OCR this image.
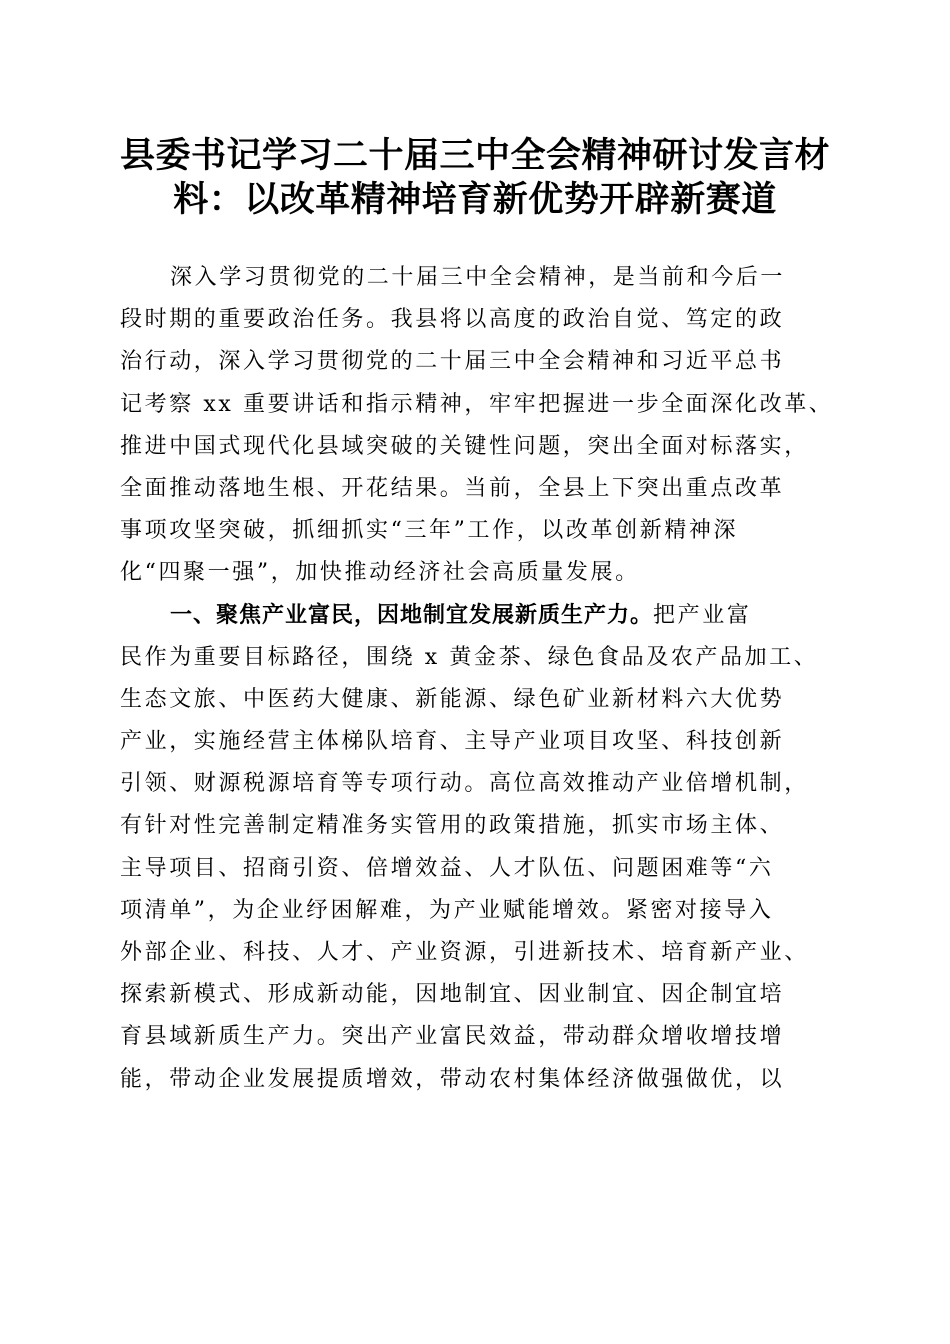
县委书记学习二十届三中全会精神研讨发言材
料：以改革精神培育新优势开辟新赛道
深入学习贯彻党的二十届三中全会精神，是当前和今后一
段时期的重要政治任务。我县将以高度的政治自觉、笃定的政
治行动，深入学习贯彻党的二十届三中全会精神和习近平总书
记考察 xx 重要讲话和指示精神，牢牢把握进一步全面深化改革、
推进中国式现代化县域突破的关键性问题，突出全面对标落实，
全面推动落地生根、开花结果。当前，全县上下突出重点改革
事项攻坚突破，抓细抓实“三年”工作，以改革创新精神深
化“四聚一强”，加快推动经济社会高质量发展。
一、聚焦产业富民，因地制宜发展新质生产力。把产业富
民作为重要目标路径，围绕 x 黄金茶、绿色食品及农产品加工、
生态文旅、中医药大健康、新能源、绿色矿业新材料六大优势
产业，实施经营主体梯队培育、主导产业项目攻坚、科技创新
引领、财源税源培育等专项行动。高位高效推动产业倍增机制，
有针对性完善制定精准务实管用的政策措施，抓实市场主体、
主导项目、招商引资、倍增效益、人才队伍、问题困难等“六
项清单”，为企业纾困解难，为产业赋能增效。紧密对接导入
外部企业、科技、人才、产业资源，引进新技术、培育新产业、
探索新模式、形成新动能，因地制宜、因业制宜、因企制宜培
育县域新质生产力。突出产业富民效益，带动群众增收增技增
能，带动企业发展提质增效，带动农村集体经济做强做优，以
